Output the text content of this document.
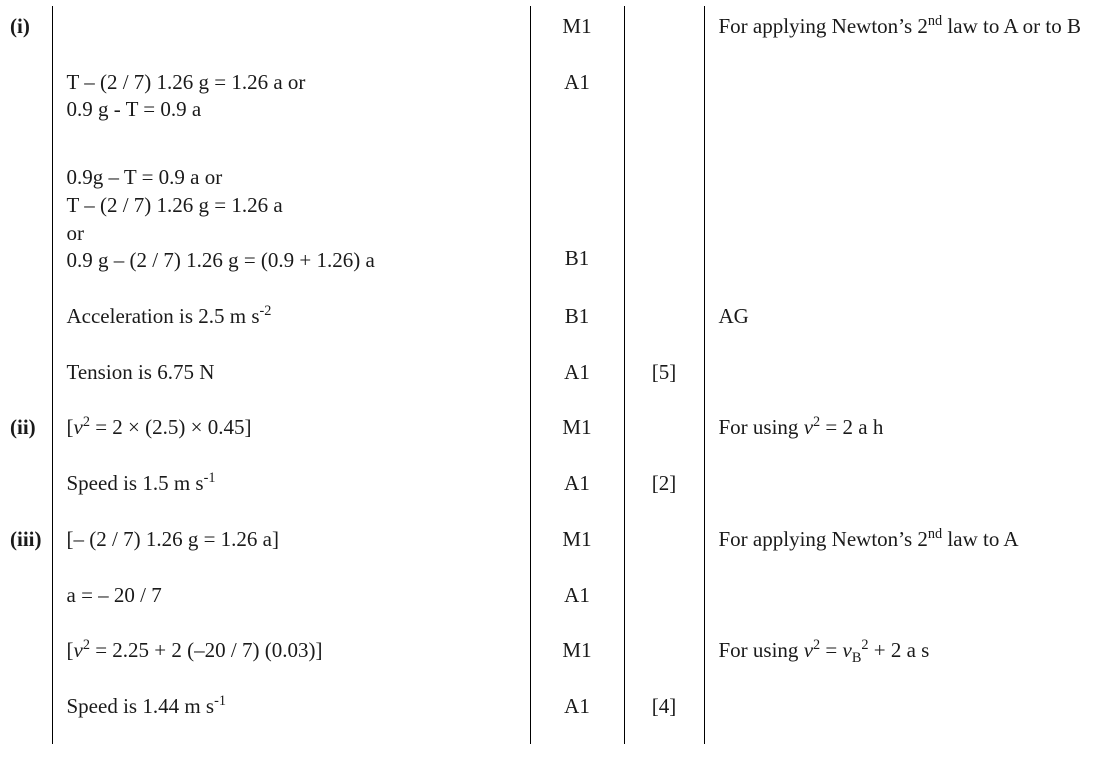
(i)		M1		For applying Newton’s 2nd law to A or to B

	T – (2 / 7) 1.26 g = 1.26 a or
0.9 g - T = 0.9 a	A1		

	0.9g – T = 0.9 a or
T – (2 / 7) 1.26 g = 1.26 a
or
0.9 g – (2 / 7) 1.26 g = (0.9 + 1.26) a	B1		

	Acceleration is 2.5 m $s^{-2}$	B1		AG

	Tension is 6.75 N	A1	[5]	

(ii)	$[v^2 = 2 \times (2.5) \times 0.45]$	M1		For using $v^2 = 2$ a h

	Speed is 1.5 m $s^{-1}$	A1	[2]	

(iii)	[– (2 / 7) 1.26 g = 1.26 a]	M1		For applying Newton’s 2nd law to A

	a = – 20 / 7	A1		

	[$v^2 = 2.25 + 2$ (–20 / 7) (0.03)]	M1		For using $v^2 = v_B^2 + 2$ a s

	Speed is 1.44 m $s^{-1}$	A1	[4]	
